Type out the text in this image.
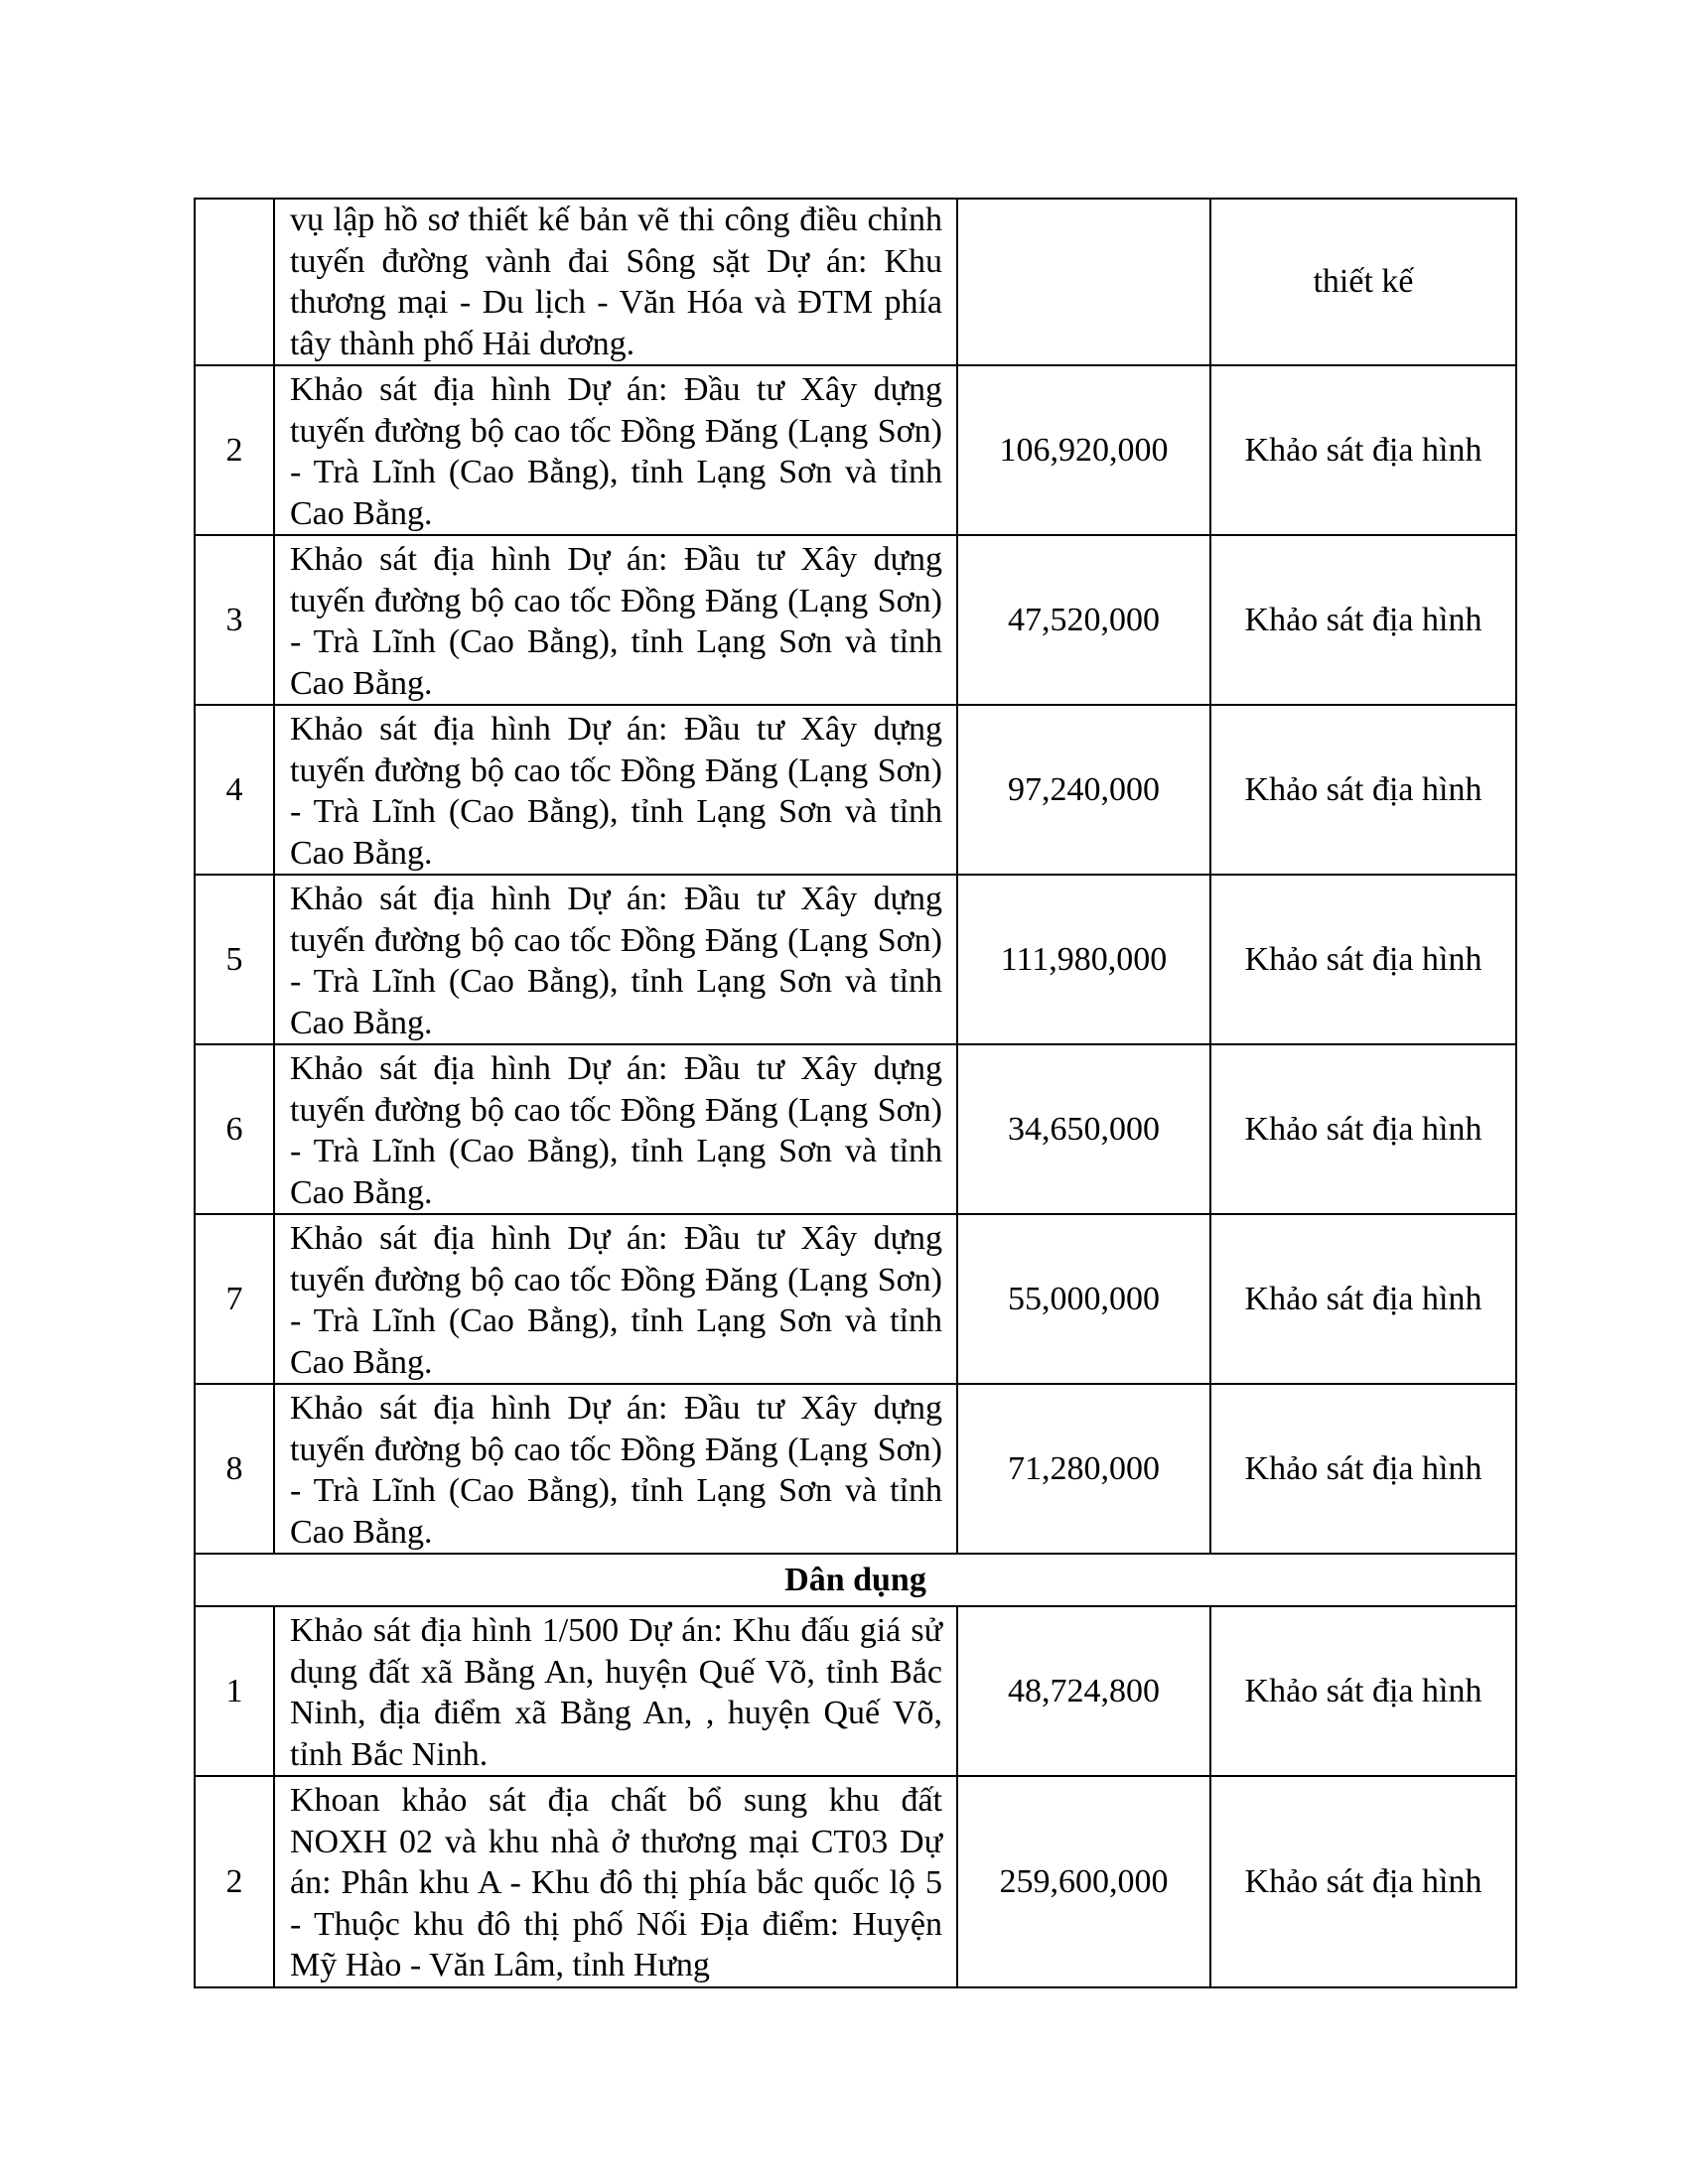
	vụ lập hồ sơ thiết kế bản vẽ thi công điều chỉnh tuyến đường vành đai Sông sặt Dự án: Khu thương mại - Du lịch - Văn Hóa và ĐTM phía tây thành phố Hải dương.		thiết kế
2	Khảo sát địa hình Dự án: Đầu tư Xây dựng tuyến đường bộ cao tốc Đồng Đăng (Lạng Sơn) - Trà Lĩnh (Cao Bằng), tỉnh Lạng Sơn và tỉnh Cao Bằng.	106,920,000	Khảo sát địa hình
3	Khảo sát địa hình Dự án: Đầu tư Xây dựng tuyến đường bộ cao tốc Đồng Đăng (Lạng Sơn) - Trà Lĩnh (Cao Bằng), tỉnh Lạng Sơn và tỉnh Cao Bằng.	47,520,000	Khảo sát địa hình
4	Khảo sát địa hình Dự án: Đầu tư Xây dựng tuyến đường bộ cao tốc Đồng Đăng (Lạng Sơn) - Trà Lĩnh (Cao Bằng), tỉnh Lạng Sơn và tỉnh Cao Bằng.	97,240,000	Khảo sát địa hình
5	Khảo sát địa hình Dự án: Đầu tư Xây dựng tuyến đường bộ cao tốc Đồng Đăng (Lạng Sơn) - Trà Lĩnh (Cao Bằng), tỉnh Lạng Sơn và tỉnh Cao Bằng.	111,980,000	Khảo sát địa hình
6	Khảo sát địa hình Dự án: Đầu tư Xây dựng tuyến đường bộ cao tốc Đồng Đăng (Lạng Sơn) - Trà Lĩnh (Cao Bằng), tỉnh Lạng Sơn và tỉnh Cao Bằng.	34,650,000	Khảo sát địa hình
7	Khảo sát địa hình Dự án: Đầu tư Xây dựng tuyến đường bộ cao tốc Đồng Đăng (Lạng Sơn) - Trà Lĩnh (Cao Bằng), tỉnh Lạng Sơn và tỉnh Cao Bằng.	55,000,000	Khảo sát địa hình
8	Khảo sát địa hình Dự án: Đầu tư Xây dựng tuyến đường bộ cao tốc Đồng Đăng (Lạng Sơn) - Trà Lĩnh (Cao Bằng), tỉnh Lạng Sơn và tỉnh Cao Bằng.	71,280,000	Khảo sát địa hình
Dân dụng			
1	Khảo sát địa hình 1/500 Dự án: Khu đấu giá sử dụng đất xã Bằng An, huyện Quế Võ, tỉnh Bắc Ninh, địa điểm xã Bằng An, , huyện Quế Võ, tỉnh Bắc Ninh.	48,724,800	Khảo sát địa hình
2	Khoan khảo sát địa chất bổ sung khu đất NOXH 02 và khu nhà ở thương mại CT03 Dự án: Phân khu A - Khu đô thị phía bắc quốc lộ 5 - Thuộc khu đô thị phố Nối Địa điểm: Huyện Mỹ Hào - Văn Lâm, tỉnh Hưng	259,600,000	Khảo sát địa hình
